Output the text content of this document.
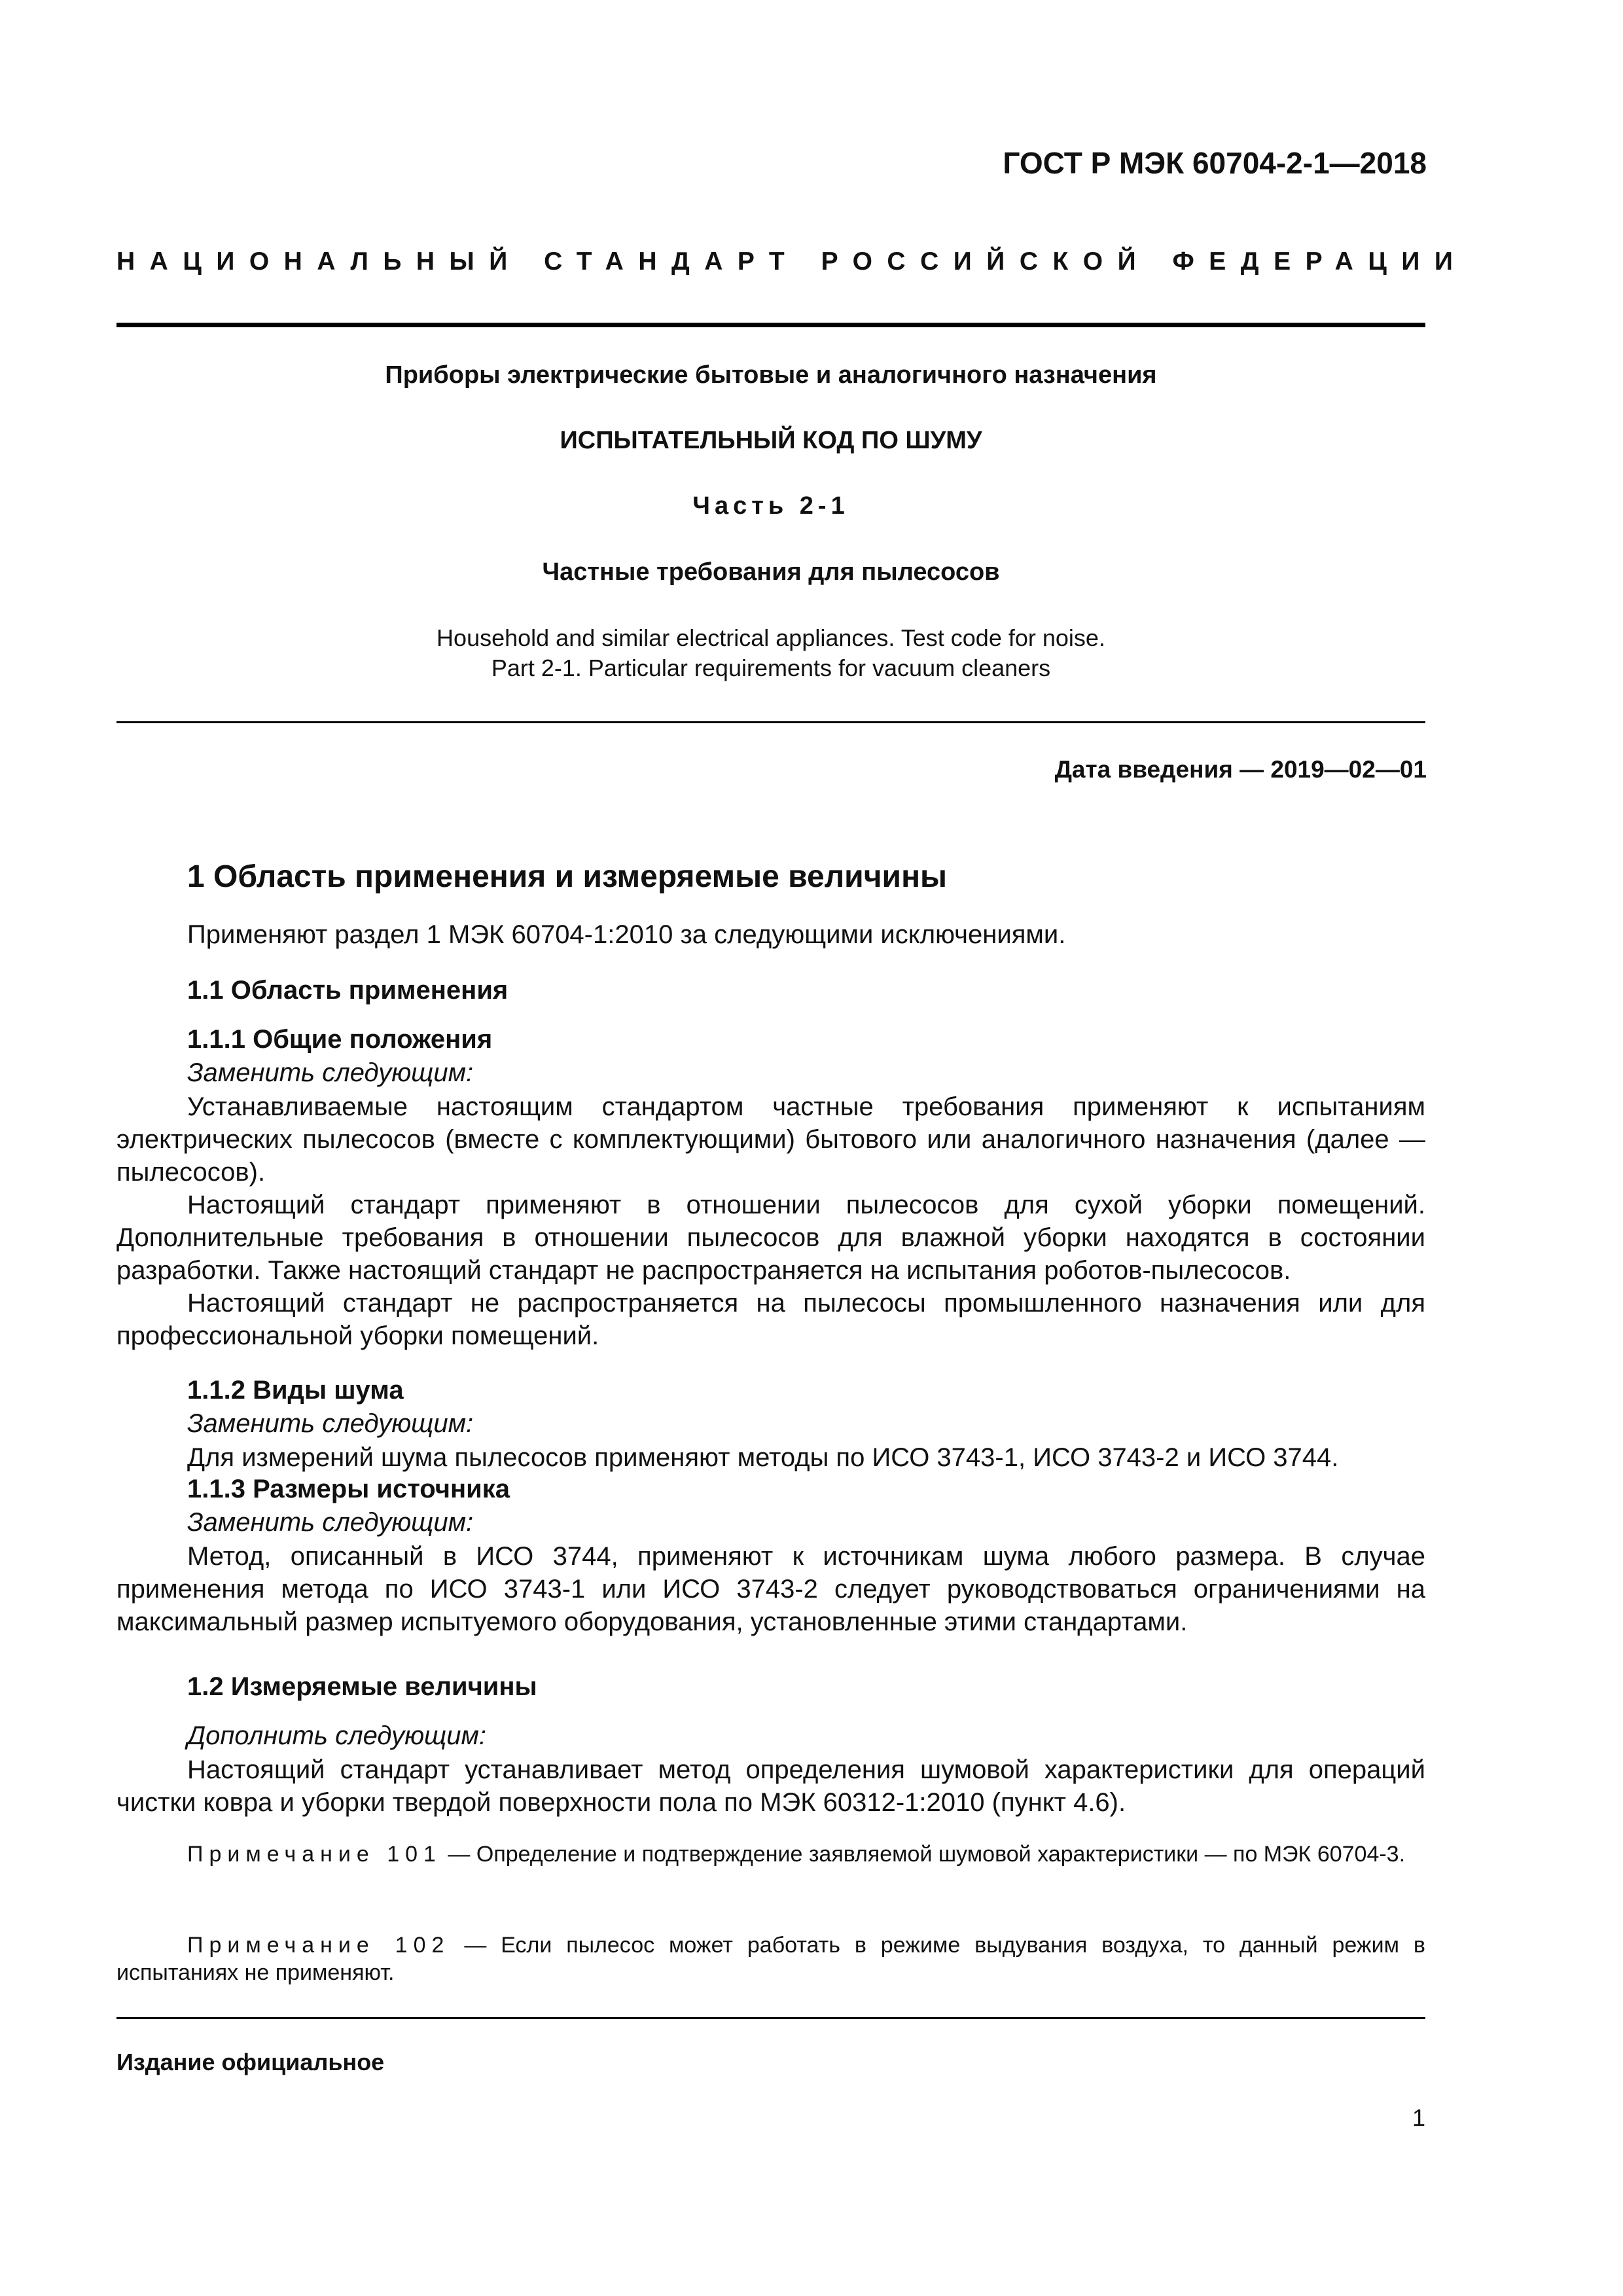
ГОСТ Р МЭК 60704-2-1—2018
НАЦИОНАЛЬНЫЙ СТАНДАРТ РОССИЙСКОЙ ФЕДЕРАЦИИ
Приборы электрические бытовые и аналогичного назначения
ИСПЫТАТЕЛЬНЫЙ КОД ПО ШУМУ
Часть 2-1
Частные требования для пылесосов
Household and similar electrical appliances. Test code for noise.
Part 2-1. Particular requirements for vacuum cleaners
Дата введения — 2019—02—01
1 Область применения и измеряемые величины

Применяют раздел 1 МЭК 60704-1:2010 за следующими исключениями.

1.1 Область применения
1.1.1 Общие положения
Заменить следующим:

Устанавливаемые настоящим стандартом частные требования применяют к испытаниям электрических пылесосов (вместе с комплектующими) бытового или аналогичного назначения (далее — пылесосов).

Настоящий стандарт применяют в отношении пылесосов для сухой уборки помещений. Дополнительные требования в отношении пылесосов для влажной уборки находятся в состоянии разработки. Также настоящий стандарт не распространяется на испытания роботов-пылесосов.

Настоящий стандарт не распространяется на пылесосы промышленного назначения или для профессиональной уборки помещений.

1.1.2 Виды шума
Заменить следующим:

Для измерений шума пылесосов применяют методы по ИСО 3743-1, ИСО 3743-2 и ИСО 3744.

1.1.3 Размеры источника
Заменить следующим:

Метод, описанный в ИСО 3744, применяют к источникам шума любого размера. В случае применения метода по ИСО 3743-1 или ИСО 3743-2 следует руководствоваться ограничениями на максимальный размер испытуемого оборудования, установленные этими стандартами.

1.2 Измеряемые величины
Дополнить следующим:

Настоящий стандарт устанавливает метод определения шумовой характеристики для операций чистки ковра и уборки твердой поверхности пола по МЭК 60312-1:2010 (пункт 4.6).

Примечание 101 — Определение и подтверждение заявляемой шумовой характеристики — по МЭК 60704-3.
Примечание 102 — Если пылесос может работать в режиме выдувания воздуха, то данный режим в испытаниях не применяют.
Издание официальное
1
